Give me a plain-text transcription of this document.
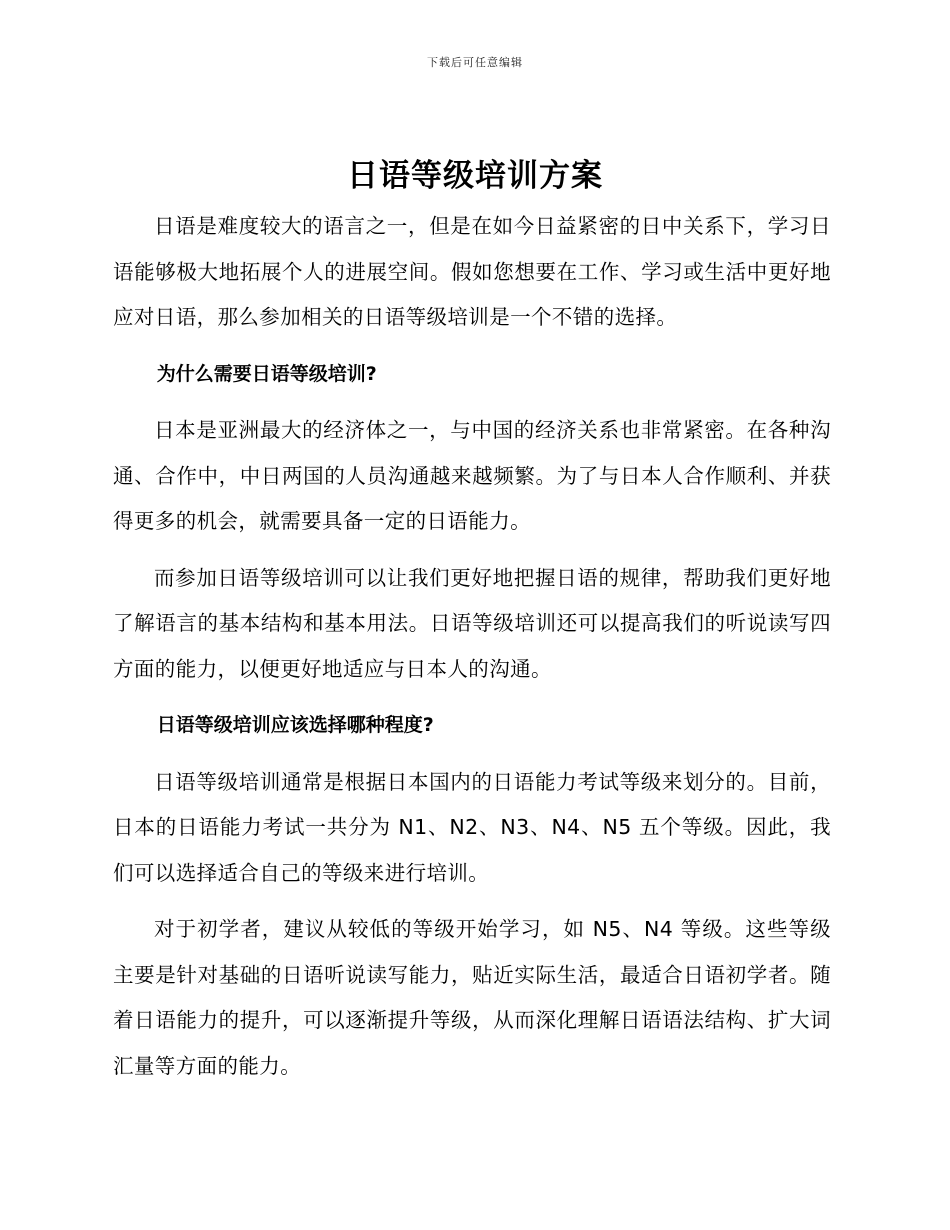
下载后可任意编辑
日语等级培训方案

日语是难度较大的语言之一，但是在如今日益紧密的日中关系下，学习日语能够极大地拓展个人的进展空间。假如您想要在工作、学习或生活中更好地应对日语，那么参加相关的日语等级培训是一个不错的选择。

为什么需要日语等级培训?

日本是亚洲最大的经济体之一，与中国的经济关系也非常紧密。在各种沟通、合作中，中日两国的人员沟通越来越频繁。为了与日本人合作顺利、并获得更多的机会，就需要具备一定的日语能力。

而参加日语等级培训可以让我们更好地把握日语的规律，帮助我们更好地了解语言的基本结构和基本用法。日语等级培训还可以提高我们的听说读写四方面的能力，以便更好地适应与日本人的沟通。

日语等级培训应该选择哪种程度?

日语等级培训通常是根据日本国内的日语能力考试等级来划分的。目前，日本的日语能力考试一共分为 N1、N2、N3、N4、N5 五个等级。因此，我们可以选择适合自己的等级来进行培训。

对于初学者，建议从较低的等级开始学习，如 N5、N4 等级。这些等级主要是针对基础的日语听说读写能力，贴近实际生活，最适合日语初学者。随着日语能力的提升，可以逐渐提升等级，从而深化理解日语语法结构、扩大词汇量等方面的能力。
